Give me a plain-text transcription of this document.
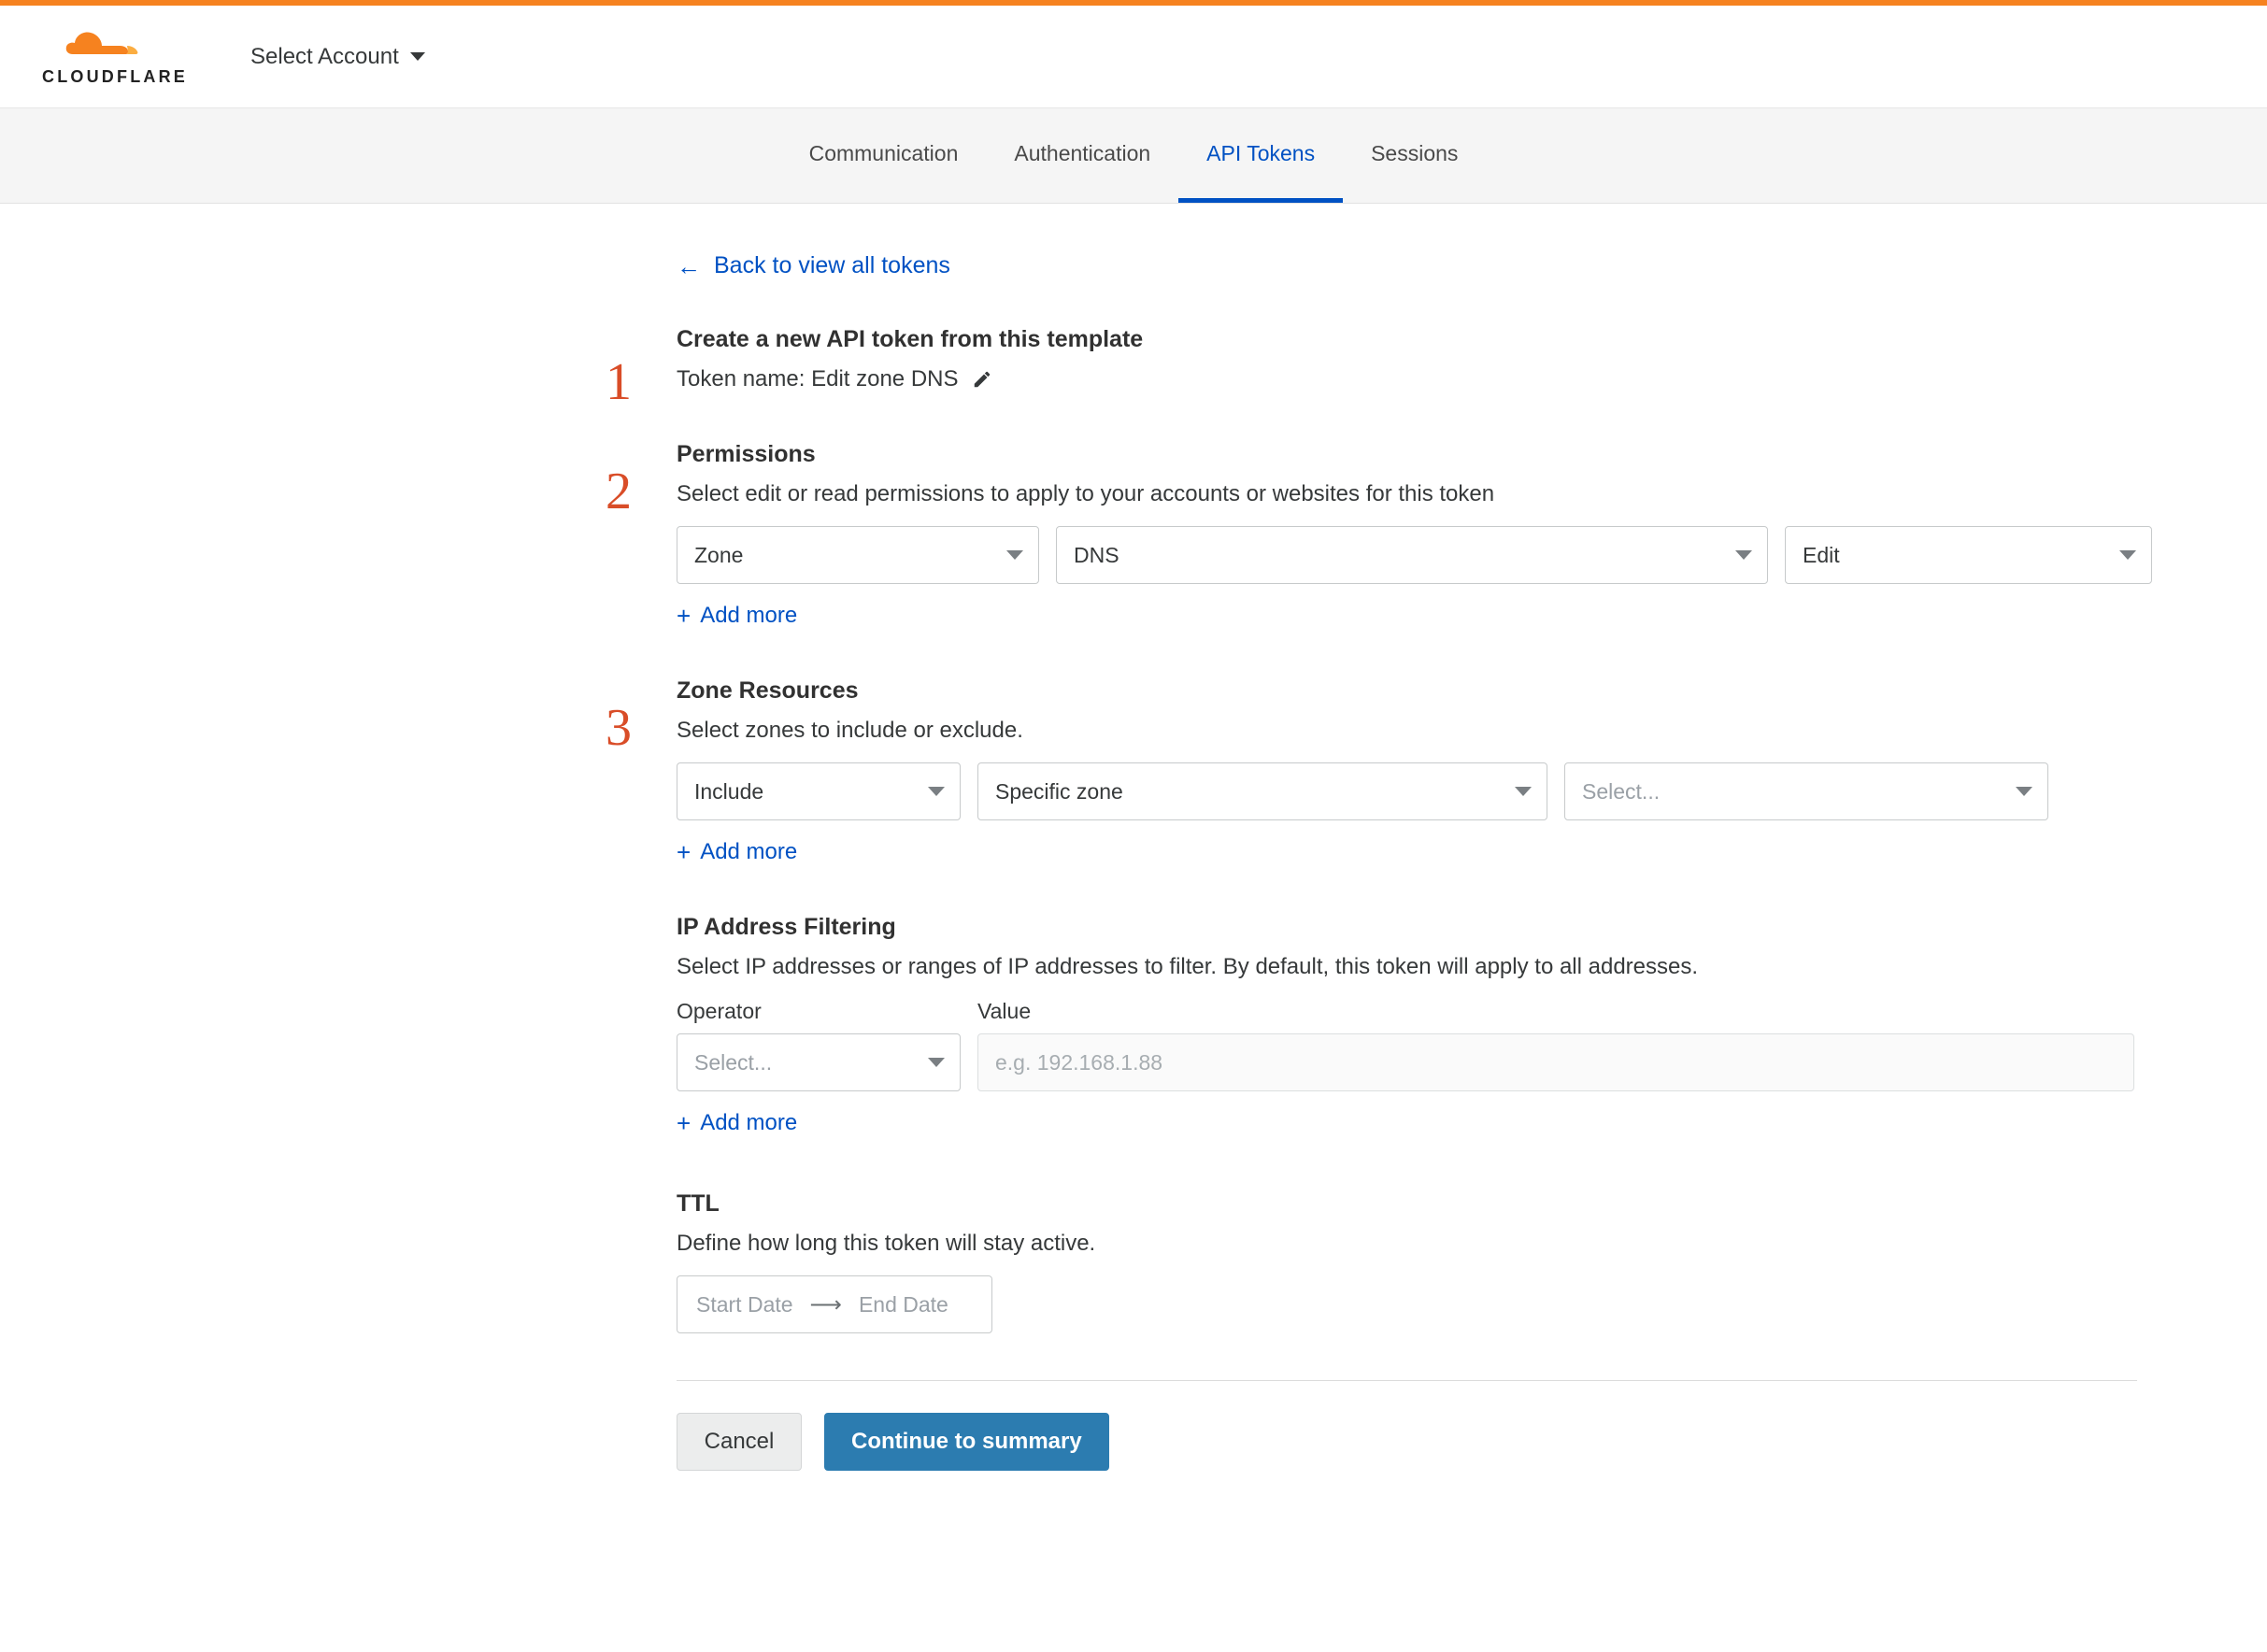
CLOUDFLARE
Select Account
Communication	Authentication	API Tokens	Sessions
← Back to view all tokens
1
Create a new API token from this template
Token name: Edit zone DNS
2
Permissions

Select edit or read permissions to apply to your accounts or websites for this token

Zone	DNS	Edit
+ Add more
3
Zone Resources

Select zones to include or exclude.

Include	Specific zone	Select...
+ Add more
IP Address Filtering

Select IP addresses or ranges of IP addresses to filter. By default, this token will apply to all addresses.

Operator
Select...
Value
e.g. 192.168.1.88
+ Add more
TTL

Define how long this token will stay active.

Start Date ⟶ End Date
Cancel	Continue to summary
